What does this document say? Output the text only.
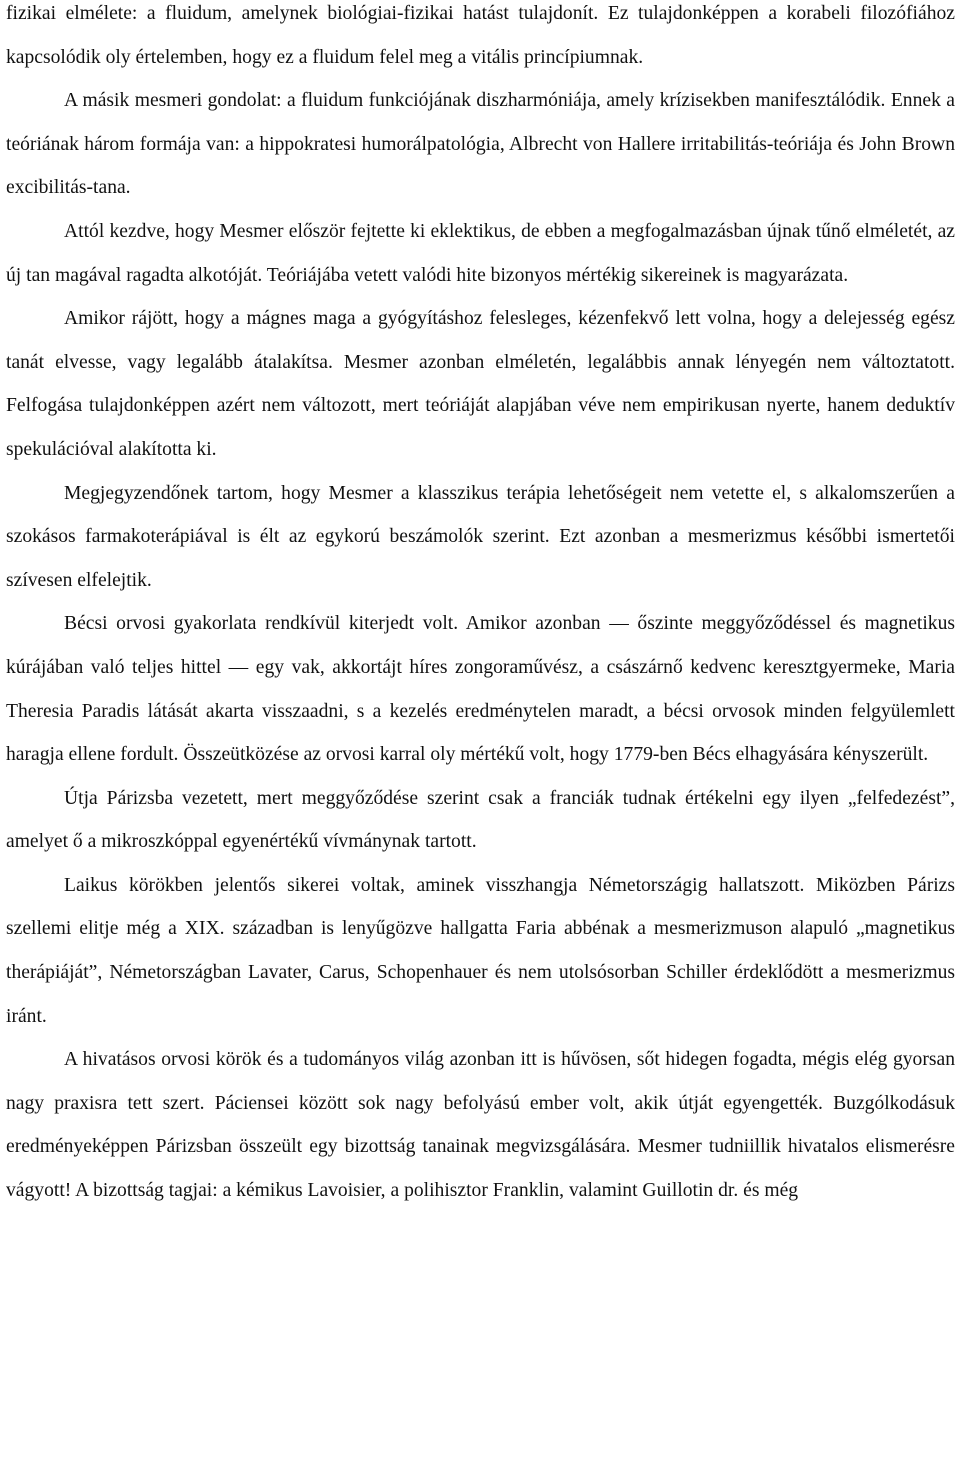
fizikai elmélete: a fluidum, amelynek biológiai-fizikai hatást tulajdonít. Ez tulajdonképpen a korabeli filozófiához kapcsolódik oly értelemben, hogy ez a fluidum felel meg a vitális princípiumnak.

A másik mesmeri gondolat: a fluidum funkciójának diszharmóniája, amely krízisekben manifesztálódik. Ennek a teóriának három formája van: a hippokratesi humorálpatológia, Albrecht von Hallere irritabilitás-teóriája és John Brown excibilitás-tana.

Attól kezdve, hogy Mesmer először fejtette ki eklektikus, de ebben a megfogalmazásban újnak tűnő elméletét, az új tan magával ragadta alkotóját. Teóriájába vetett valódi hite bizonyos mértékig sikereinek is magyarázata.

Amikor rájött, hogy a mágnes maga a gyógyításhoz felesleges, kézenfekvő lett volna, hogy a delejesség egész tanát elvesse, vagy legalább átalakítsa. Mesmer azonban elméletén, legalábbis annak lényegén nem változtatott. Felfogása tulajdonképpen azért nem változott, mert teóriáját alapjában véve nem empirikusan nyerte, hanem deduktív spekulációval alakította ki.

Megjegyzendőnek tartom, hogy Mesmer a klasszikus terápia lehetőségeit nem vetette el, s alkalomszerűen a szokásos farmakoterápiával is élt az egykorú beszámolók szerint. Ezt azonban a mesmerizmus későbbi ismertetői szívesen elfelejtik.

Bécsi orvosi gyakorlata rendkívül kiterjedt volt. Amikor azonban ― őszinte meggyőződéssel és magnetikus kúrájában való teljes hittel ― egy vak, akkortájt híres zongoraművész, a császárnő kedvenc keresztgyermeke, Maria Theresia Paradis látását akarta visszaadni, s a kezelés eredménytelen maradt, a bécsi orvosok minden felgyülemlett haragja ellene fordult. Összeütközése az orvosi karral oly mértékű volt, hogy 1779-ben Bécs elhagyására kényszerült.

Útja Párizsba vezetett, mert meggyőződése szerint csak a franciák tudnak értékelni egy ilyen „felfedezést”, amelyet ő a mikroszkóppal egyenértékű vívmánynak tartott.

Laikus körökben jelentős sikerei voltak, aminek visszhangja Németországig hallatszott. Miközben Párizs szellemi elitje még a XIX. században is lenyűgözve hallgatta Faria abbénak a mesmerizmuson alapuló „magnetikus therápiáját”, Németországban Lavater, Carus, Schopenhauer és nem utolsósorban Schiller érdeklődött a mesmerizmus iránt.

A hivatásos orvosi körök és a tudományos világ azonban itt is hűvösen, sőt hidegen fogadta, mégis elég gyorsan nagy praxisra tett szert. Páciensei között sok nagy befolyású ember volt, akik útját egyengették. Buzgólkodásuk eredményeképpen Párizsban összeült egy bizottság tanainak megvizsgálására. Mesmer tudniillik hivatalos elismerésre vágyott! A bizottság tagjai: a kémikus Lavoisier, a polihisztor Franklin, valamint Guillotin dr. és még
